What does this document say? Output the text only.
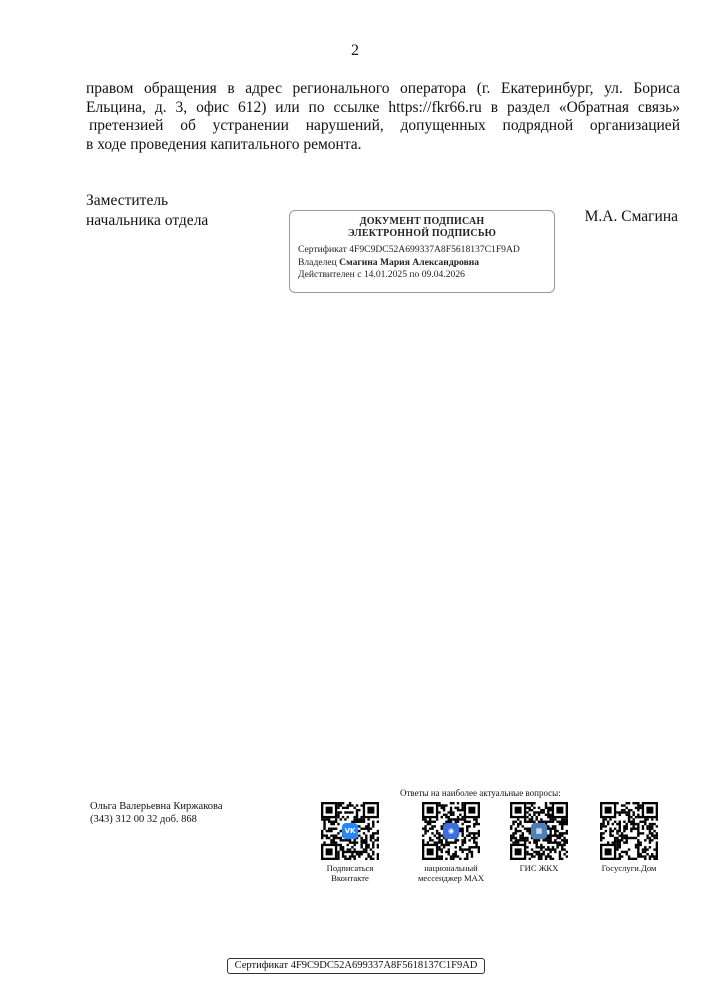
2
правом обращения в адрес регионального оператора (г. Екатеринбург, ул. Бориса
Ельцина, д. 3, офис 612) или по ссылке https://fkr66.ru в раздел «Обратная связь»
претензией об устранении нарушений, допущенных подрядной организацией
в ходе проведения капитального ремонта.
Заместитель
начальника отдела	ДОКУМЕНТ ПОДПИСАН
ЭЛЕКТРОННОЙ ПОДПИСЬЮ
Сертификат 4F9C9DC52A699337A8F5618137C1F9AD
Владелец Смагина Мария Александровна
Действителен с 14.01.2025 по 09.04.2026
М.А. Смагина
Ольга Валерьевна Киржакова
(343) 312 00 32 доб. 868
Ответы на наиболее актуальные вопросы:
VK
Подписаться
Вконтакте
◉
национальный
мессенджер MAX
▦
ГИС ЖКХ	Госуслуги.Дом
Сертификат 4F9C9DC52A699337A8F5618137C1F9AD
